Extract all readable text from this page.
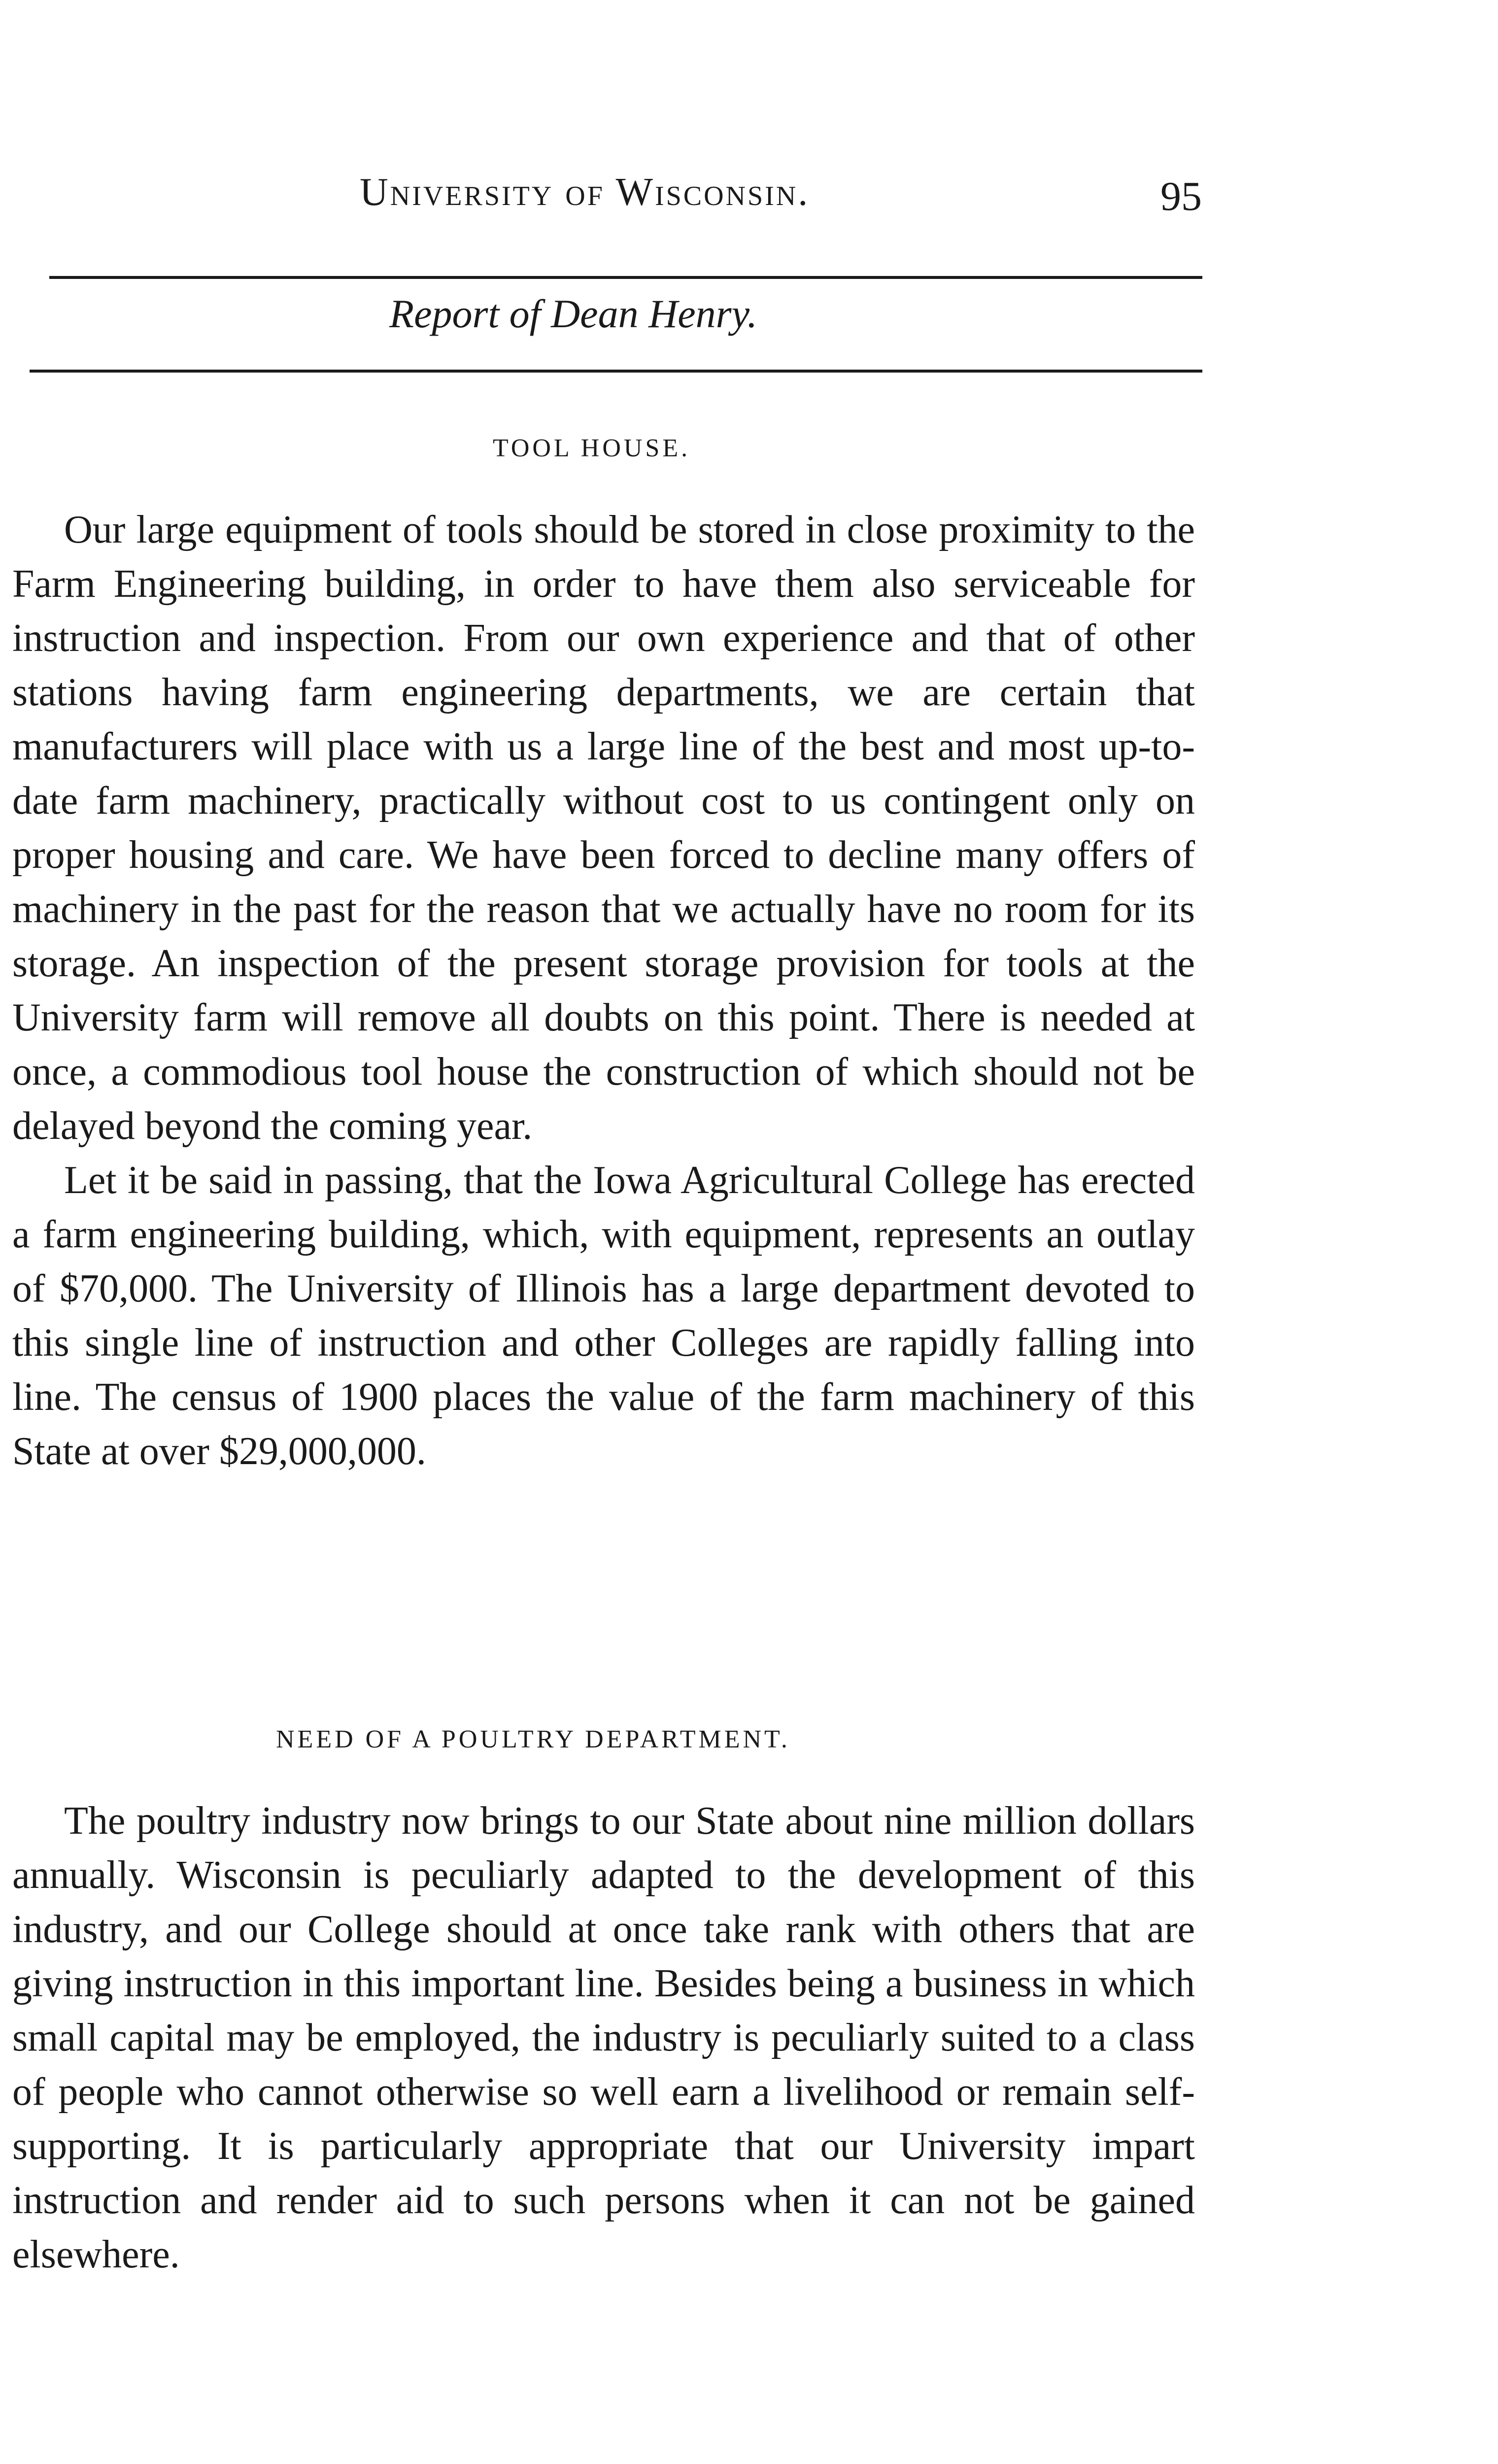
University of Wisconsin.	95
Report of Dean Henry.
TOOL HOUSE.

Our large equipment of tools should be stored in close proximity to the Farm Engineering building, in order to have them also serviceable for instruction and inspection. From our own experience and that of other stations having farm engineering departments, we are certain that manufacturers will place with us a large line of the best and most up-to-date farm machinery, practically without cost to us contingent only on proper housing and care. We have been forced to decline many offers of machinery in the past for the reason that we actually have no room for its storage. An inspection of the present storage provision for tools at the University farm will remove all doubts on this point. There is needed at once, a commodious tool house the construction of which should not be delayed beyond the coming year.

Let it be said in passing, that the Iowa Agricultural College has erected a farm engineering building, which, with equipment, represents an outlay of $70,000. The University of Illinois has a large department devoted to this single line of instruction and other Colleges are rapidly falling into line. The census of 1900 places the value of the farm machinery of this State at over $29,000,000.

NEED OF A POULTRY DEPARTMENT.

The poultry industry now brings to our State about nine million dollars annually. Wisconsin is peculiarly adapted to the development of this industry, and our College should at once take rank with others that are giving instruction in this important line. Besides being a business in which small capital may be employed, the industry is peculiarly suited to a class of people who cannot otherwise so well earn a livelihood or remain self-supporting. It is particularly appropriate that our University impart instruction and render aid to such persons when it can not be gained elsewhere.
